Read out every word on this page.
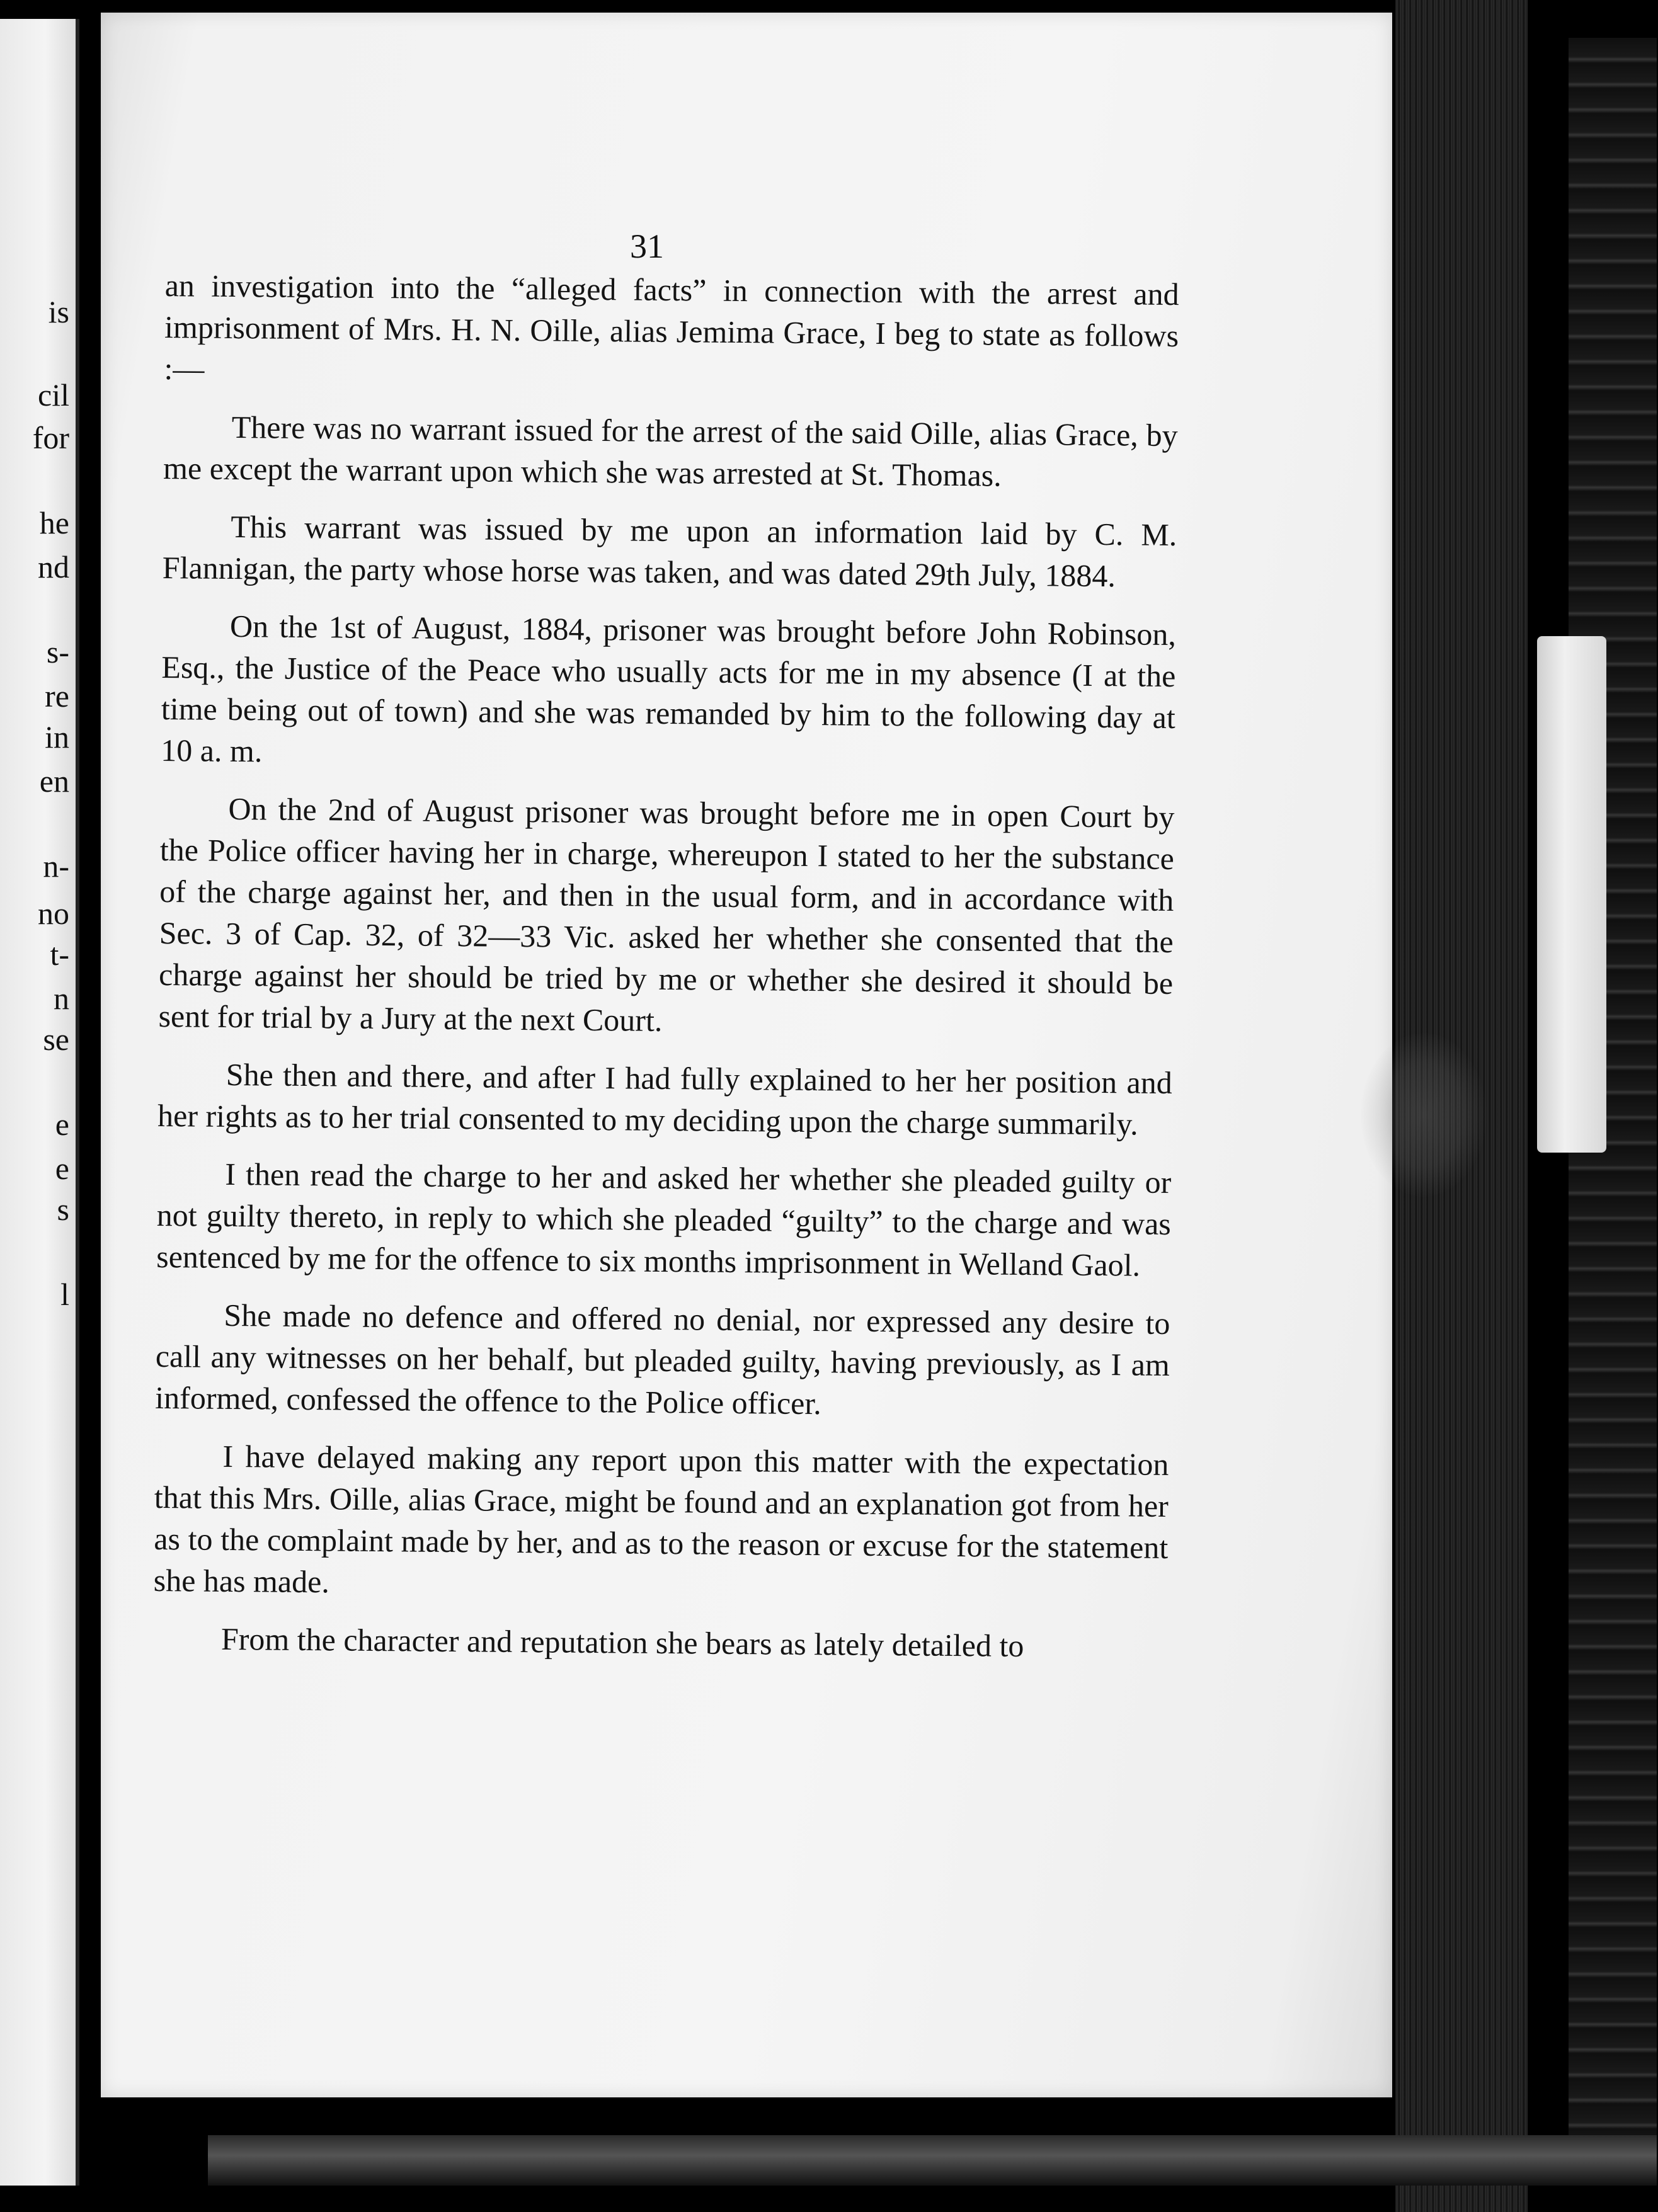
is
cil
for
he
nd
s-
re
in
en
n-
no
t-
n
se
e
e
s
l
31

an investigation into the “alleged facts” in connection with the arrest and imprisonment of Mrs. H. N. Oille, alias Jemima Grace, I beg to state as follows :—

There was no warrant issued for the arrest of the said Oille, alias Grace, by me except the warrant upon which she was arrested at St. Thomas.

This warrant was issued by me upon an information laid by C. M. Flannigan, the party whose horse was taken, and was dated 29th July, 1884.

On the 1st of August, 1884, prisoner was brought before John Robinson, Esq., the Justice of the Peace who usually acts for me in my absence (I at the time being out of town) and she was remanded by him to the following day at 10 a. m.

On the 2nd of August prisoner was brought before me in open Court by the Police officer having her in charge, whereupon I stated to her the substance of the charge against her, and then in the usual form, and in accordance with Sec. 3 of Cap. 32, of 32—33 Vic. asked her whether she consented that the charge against her should be tried by me or whether she desired it should be sent for trial by a Jury at the next Court.

She then and there, and after I had fully explained to her her position and her rights as to her trial consented to my deciding upon the charge summarily.

I then read the charge to her and asked her whether she pleaded guilty or not guilty thereto, in reply to which she pleaded “guilty” to the charge and was sentenced by me for the offence to six months imprisonment in Welland Gaol.

She made no defence and offered no denial, nor expressed any desire to call any witnesses on her behalf, but pleaded guilty, having previously, as I am informed, confessed the offence to the Police officer.

I have delayed making any report upon this matter with the expectation that this Mrs. Oille, alias Grace, might be found and an explanation got from her as to the complaint made by her, and as to the reason or excuse for the statement she has made.

From the character and reputation she bears as lately detailed to
